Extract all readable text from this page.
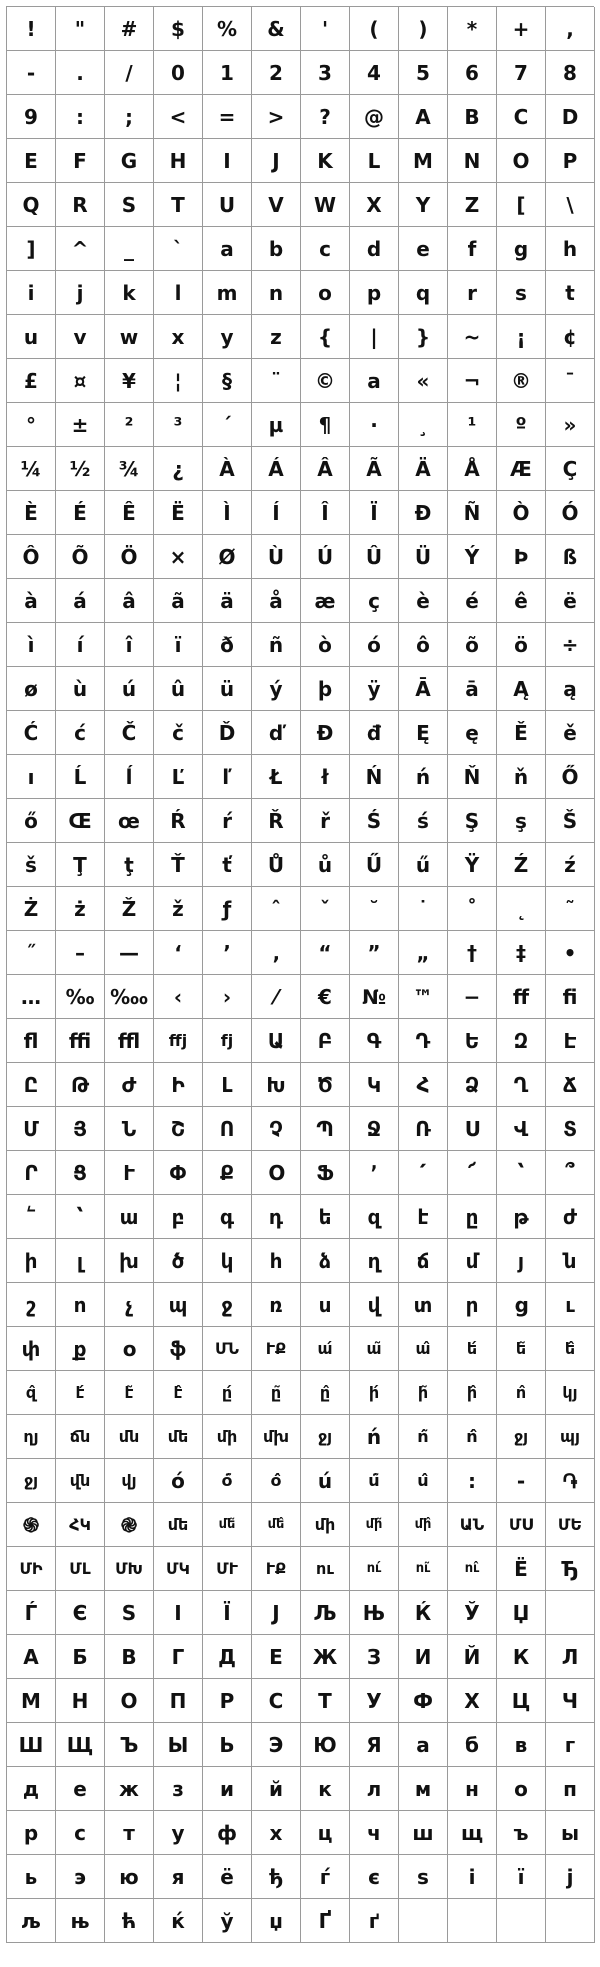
!	"	#	$	%	&	'	(	)	*	+	,
-	.	/	0	1	2	3	4	5	6	7	8
9	:	;	<	=	>	?	@	A	B	C	D
E	F	G	H	I	J	K	L	M	N	O	P
Q	R	S	T	U	V	W	X	Y	Z	[	\
]	^	_	`	a	b	c	d	e	f	g	h
i	j	k	l	m	n	o	p	q	r	s	t
u	v	w	x	y	z	{	|	}	~	¡	¢
£	¤	¥	¦	§	¨	©	a	«	¬	®	¯
°	±	²	³	´	µ	¶	·	¸	¹	º	»
¼	½	¾	¿	À	Á	Â	Ã	Ä	Å	Æ	Ç
È	É	Ê	Ë	Ì	Í	Î	Ï	Ð	Ñ	Ò	Ó
Ô	Õ	Ö	×	Ø	Ù	Ú	Û	Ü	Ý	Þ	ß
à	á	â	ã	ä	å	æ	ç	è	é	ê	ë
ì	í	î	ï	ð	ñ	ò	ó	ô	õ	ö	÷
ø	ù	ú	û	ü	ý	þ	ÿ	Ā	ā	Ą	ą
Ć	ć	Č	č	Ď	ď	Đ	đ	Ę	ę	Ě	ě
ı	Ĺ	ĺ	Ľ	ľ	Ł	ł	Ń	ń	Ň	ň	Ő
ő	Œ	œ	Ŕ	ŕ	Ř	ř	Ś	ś	Ş	ş	Š
š	Ţ	ţ	Ť	ť	Ů	ů	Ű	ű	Ÿ	Ź	ź
Ż	ż	Ž	ž	ƒ	ˆ	ˇ	˘	˙	˚	˛	˜
˝	–	—	‘	’	‚	“	”	„	†	‡	•
…	‰ ‱	‹	›	⁄	€	№	™	−	ﬀ	ﬁ
ﬂ	ﬃ	ﬄ	ﬀj	fj	Ա	Բ	Գ	Դ	Ե	Զ	Է
Ը	Թ	Ժ	Ի	Լ	Խ	Ծ	Կ	Հ	Ձ	Ղ	Ճ
Մ	Յ	Ն	Շ	Ո	Չ	Պ	Ջ	Ռ	Ս	Վ	Տ
Ր	Ց	Ւ	Փ	Ք	Օ	Ֆ	՚	՛	՜	՝	՞
՟	՝	ա	բ	գ	դ	ե	զ	է	ը	թ	ժ
ի	լ	խ	ծ	կ	հ	ձ	ղ	ճ	մ	յ	ն
շ	ո	չ	պ	ջ	ռ	ս	վ	տ	ր	ց	ւ
փ	ք	օ	ֆ	ՄՆ	ՒՔ	ա́	ա̃	ա̂	ե́	ե̃	ե̂
զ̂	է́	է̃	է̂	ը́	ը̃	ը̂	ի́	ի̃	ի̂	ո̂	կյ
ղյ	ճն	մն	մե	մի	մխ	ջյ	ń	ń̃	ń̂	ջյ	պյ
ջյ	վն	վյ	ó	ó̃	ó̂	ú	ú̃	ú̂	:	‐	֏
֍	ՀԿ	֎	մե	մե̃	մե̂	մի	մի̃	մի̂	ԱՆ	ՄՍ	ՄԵ
ՄԻ	ՄԼ	ՄԽ	ՄԿ	ՄՒ	ՒՔ	ու	ու́	ու̃	ու̂	Ë	Ђ
Ѓ	Є	Ѕ	І	Ї	Ј	Љ	Њ	Ќ	Ў	Џ
А	Б	В	Г	Д	Е	Ж	З	И	Й	К	Л
М	Н	О	П	Р	С	Т	У	Ф	Х	Ц	Ч
Ш	Щ	Ъ	Ы	Ь	Э	Ю	Я	а	б	в	г
д	е	ж	з	и	й	к	л	м	н	о	п
р	с	т	у	ф	х	ц	ч	ш	щ	ъ	ы
ь	э	ю	я	ё	ђ	ѓ	є	ѕ	і	ї	ј
љ	њ	ћ	ќ	ў	џ	Ґ	ґ
